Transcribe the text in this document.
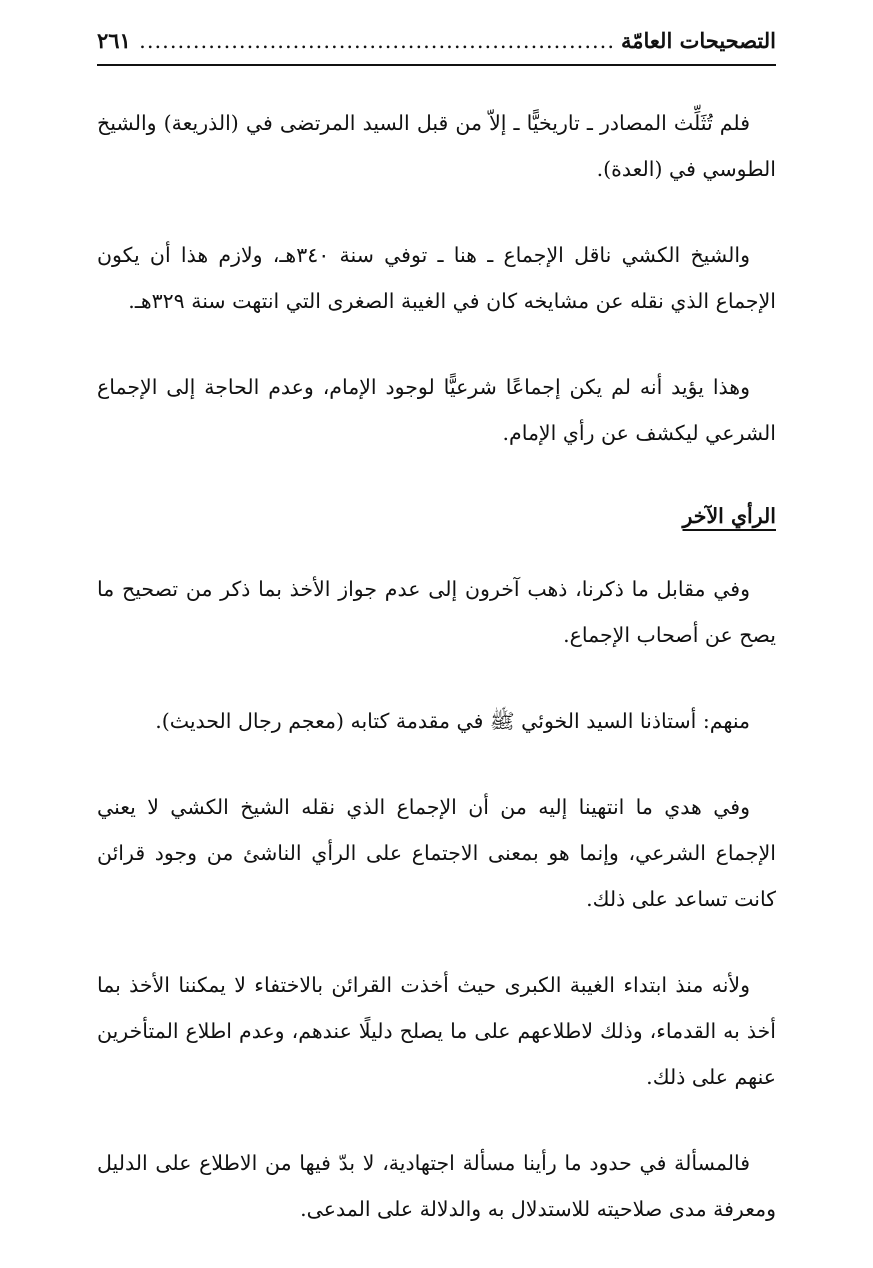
التصحيحات العامّة
.....
٢٦١

فلم تُثَلِّث المصادر ـ تاريخيًّا ـ إلاّ من قبل السيد المرتضى في (الذريعة) والشيخ الطوسي في (العدة).

والشيخ الكشي ناقل الإجماع ـ هنا ـ توفي سنة ٣٤٠هـ، ولازم هذا أن يكون الإجماع الذي نقله عن مشايخه كان في الغيبة الصغرى التي انتهت سنة ٣٢٩هـ.

وهذا يؤيد أنه لم يكن إجماعًا شرعيًّا لوجود الإمام، وعدم الحاجة إلى الإجماع الشرعي ليكشف عن رأي الإمام.

الرأي الآخر

وفي مقابل ما ذكرنا، ذهب آخرون إلى عدم جواز الأخذ بما ذكر من تصحيح ما يصح عن أصحاب الإجماع.

منهم: أستاذنا السيد الخوئي ﷺ في مقدمة كتابه (معجم رجال الحديث).

وفي هدي ما انتهينا إليه من أن الإجماع الذي نقله الشيخ الكشي لا يعني الإجماع الشرعي، وإنما هو بمعنى الاجتماع على الرأي الناشئ من وجود قرائن كانت تساعد على ذلك.

ولأنه منذ ابتداء الغيبة الكبرى حيث أخذت القرائن بالاختفاء لا يمكننا الأخذ بما أخذ به القدماء، وذلك لاطلاعهم على ما يصلح دليلًا عندهم، وعدم اطلاع المتأخرين عنهم على ذلك.

فالمسألة في حدود ما رأينا مسألة اجتهادية، لا بدّ فيها من الاطلاع على الدليل ومعرفة مدى صلاحيته للاستدلال به والدلالة على المدعى.
